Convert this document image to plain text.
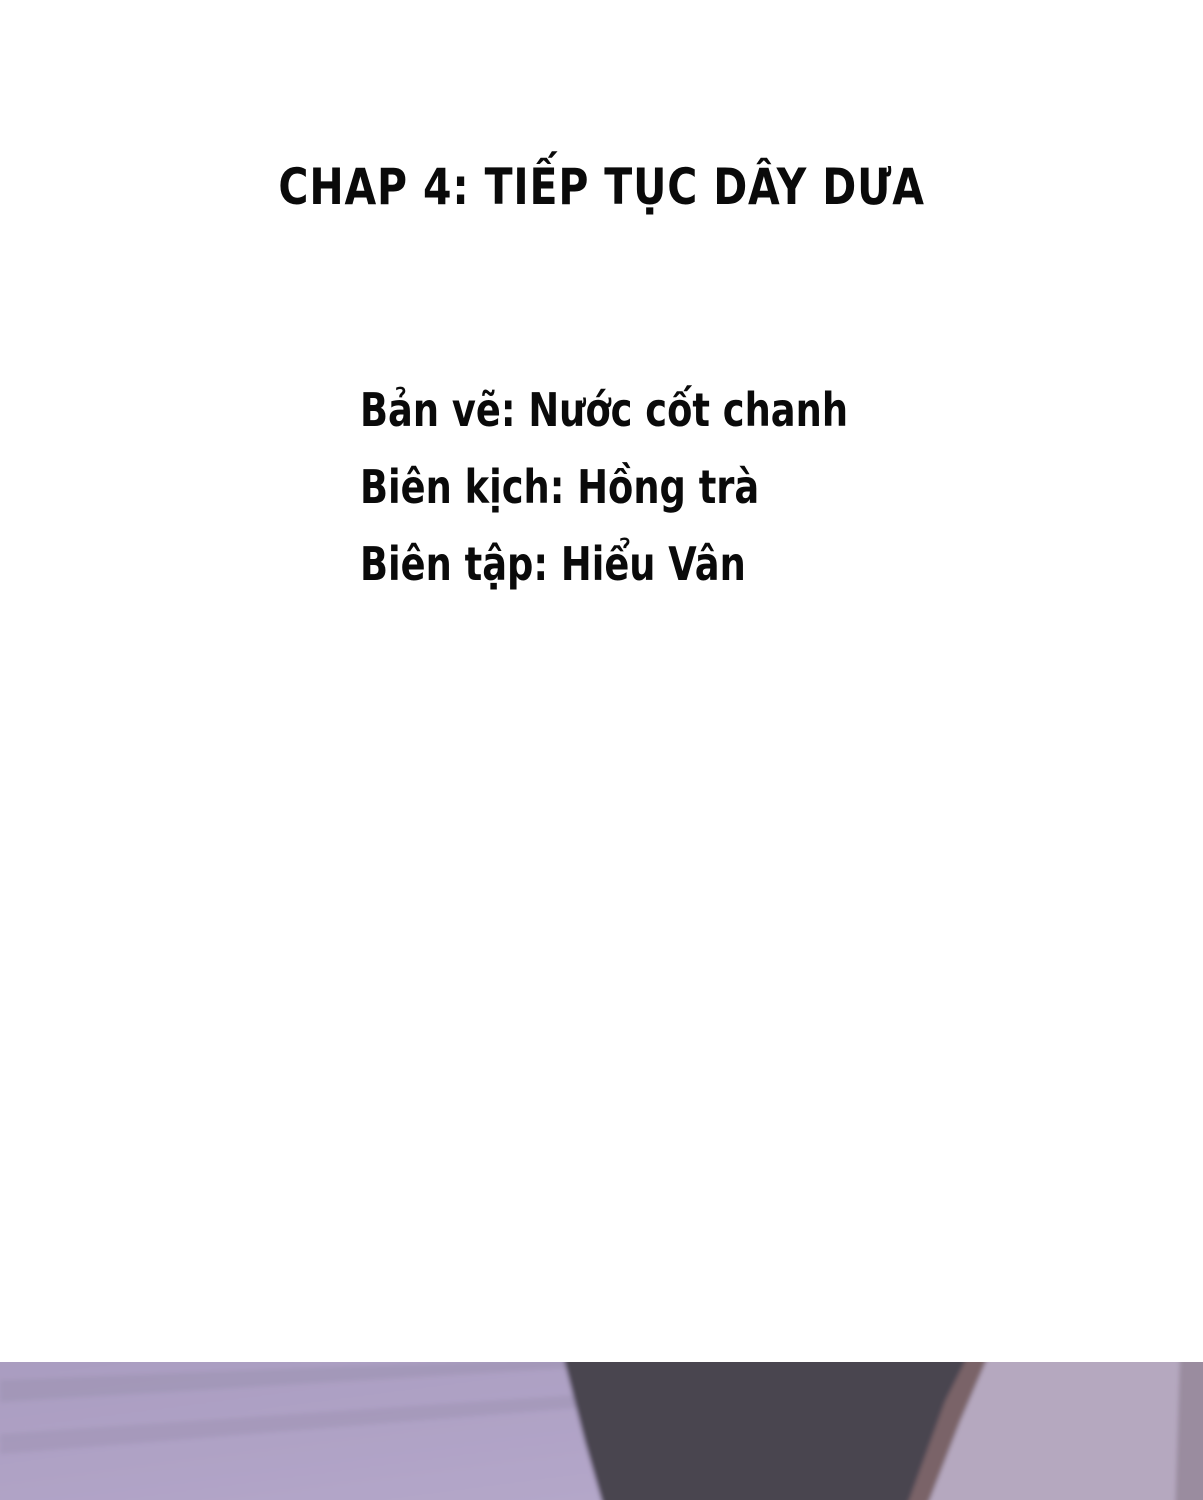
CHAP 4: TIẾP TỤC DÂY DƯA
Bản vẽ: Nước cốt chanh
Biên kịch: Hồng trà
Biên tập: Hiểu Vân
